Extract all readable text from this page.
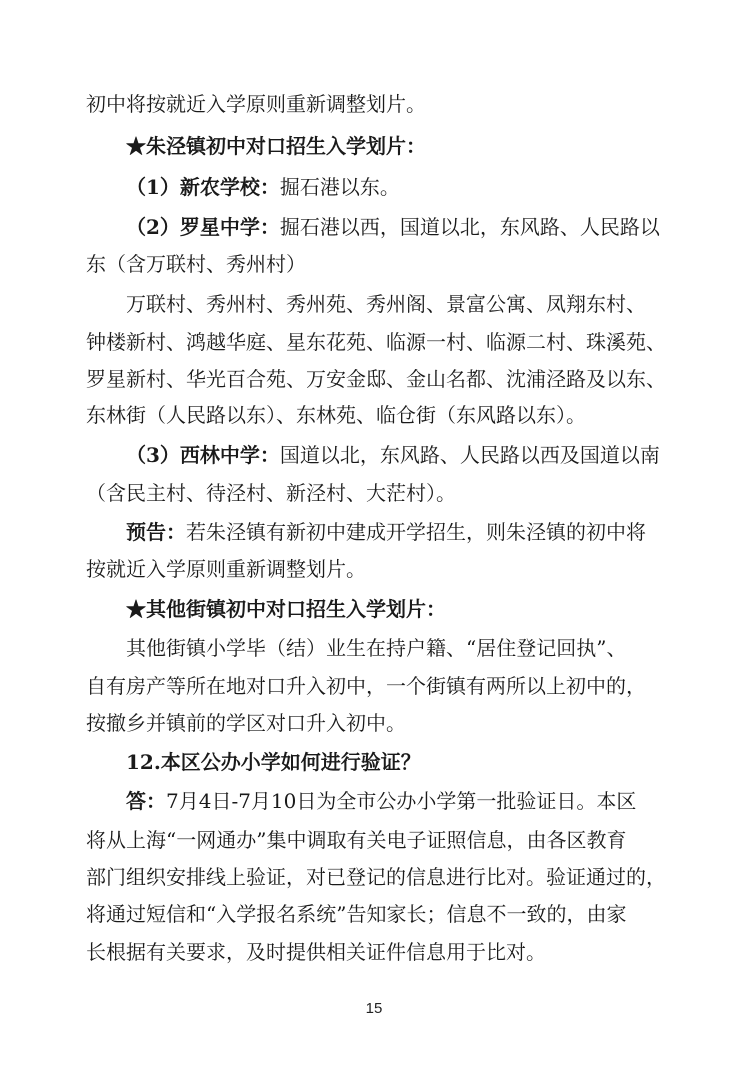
初中将按就近入学原则重新调整划片。
★朱泾镇初中对口招生入学划片：
（1）新农学校：掘石港以东。
（2）罗星中学：掘石港以西，国道以北，东风路、人民路以
东（含万联村、秀州村）
万联村、秀州村、秀州苑、秀州阁、景富公寓、凤翔东村、
钟楼新村、鸿越华庭、星东花苑、临源一村、临源二村、珠溪苑、
罗星新村、华光百合苑、万安金邸、金山名都、沈浦泾路及以东、
东林街（人民路以东）、东林苑、临仓街（东风路以东）。
（3）西林中学：国道以北，东风路、人民路以西及国道以南
（含民主村、待泾村、新泾村、大茫村）。
预告：若朱泾镇有新初中建成开学招生，则朱泾镇的初中将
按就近入学原则重新调整划片。
★其他街镇初中对口招生入学划片：
其他街镇小学毕（结）业生在持户籍、“居住登记回执”、
自有房产等所在地对口升入初中，一个街镇有两所以上初中的，
按撤乡并镇前的学区对口升入初中。
12.本区公办小学如何进行验证？
答：7月4日-7月10日为全市公办小学第一批验证日。本区
将从上海“一网通办”集中调取有关电子证照信息，由各区教育
部门组织安排线上验证，对已登记的信息进行比对。验证通过的，
将通过短信和“入学报名系统”告知家长；信息不一致的，由家
长根据有关要求，及时提供相关证件信息用于比对。
15
